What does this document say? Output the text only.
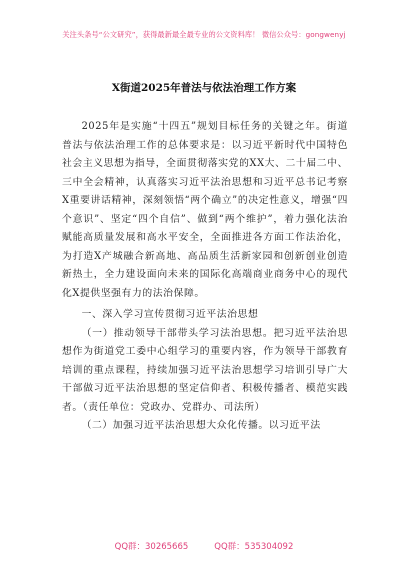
关注头条号“公文研究”，获得最新最全最专业的公文资料库！ 微信公众号：gongwenyj
X街道2025年普法与依法治理工作方案

2025年是实施“十四五”规划目标任务的关键之年。街道普法与依法治理工作的总体要求是：以习近平新时代中国特色社会主义思想为指导，全面贯彻落实党的XX大、二十届二中、三中全会精神，认真落实习近平法治思想和习近平总书记考察X重要讲话精神，深刻领悟“两个确立”的决定性意义，增强“四个意识”、坚定“四个自信”、做到“两个维护”，着力强化法治赋能高质量发展和高水平安全，全面推进各方面工作法治化，为打造X产城融合新高地、高品质生活新家园和创新创业创造新热土，全力建设面向未来的国际化高端商业商务中心的现代化X提供坚强有力的法治保障。

一、深入学习宣传贯彻习近平法治思想

（一）推动领导干部带头学习法治思想。把习近平法治思想作为街道党工委中心组学习的重要内容，作为领导干部教育培训的重点课程，持续加强习近平法治思想学习培训引导广大干部做习近平法治思想的坚定信仰者、积极传播者、模范实践者。（责任单位：党政办、党群办、司法所）

（二）加强习近平法治思想大众化传播。以习近平法

QQ群：30265665	QQ群：535304092
